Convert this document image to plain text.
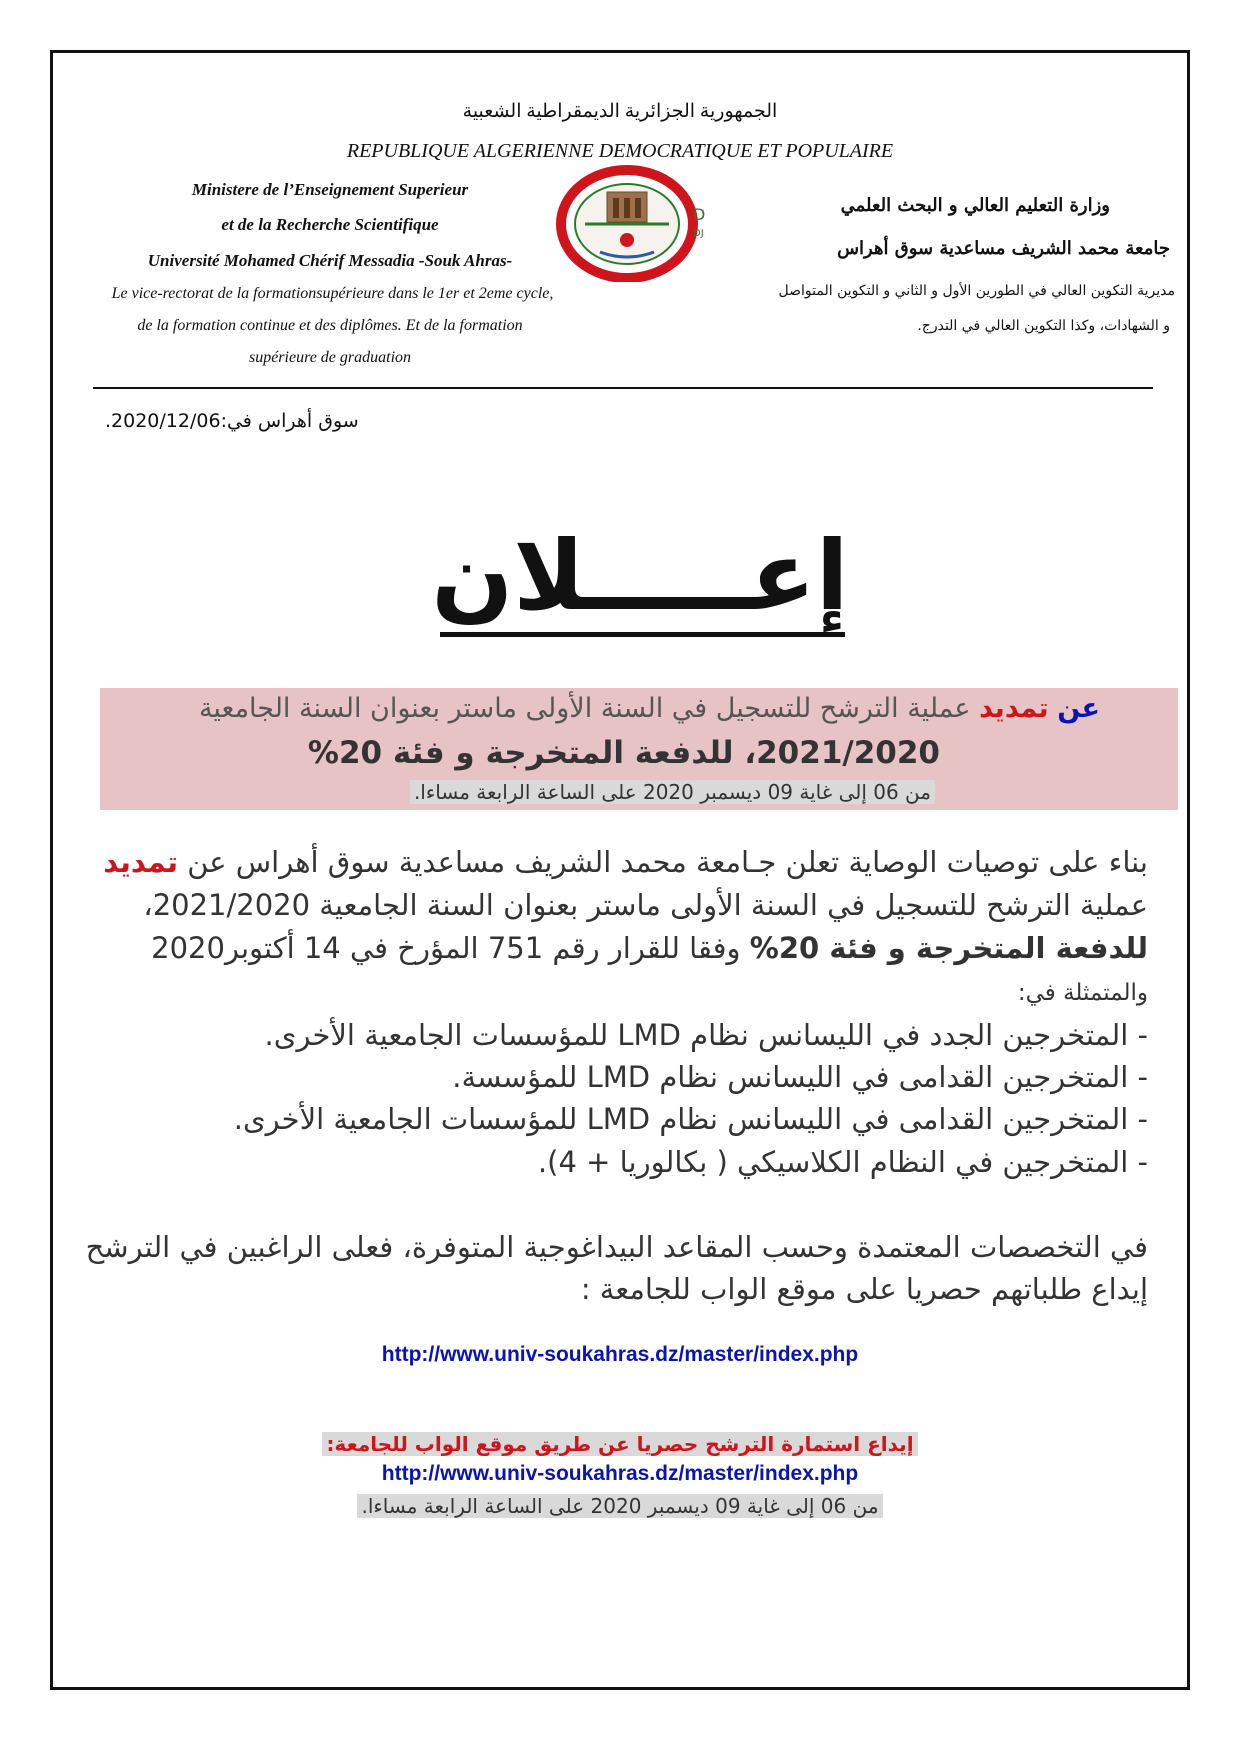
الجمهورية الجزائرية الديمقراطية الشعبية
REPUBLIQUE ALGERIENNE DEMOCRATIQUE ET POPULAIRE
Ministere de l’Enseignement Superieur
et de la Recherche Scientifique
Université Mohamed Chérif Messadia -Souk Ahras-
Le vice-rectorat de la formationsupérieure dans le 1er et 2eme cycle,
de la formation continue et des diplômes. Et de la formation
supérieure de graduation
وزارة التعليم العالي و البحث العلمي
جامعة محمد الشريف مساعدية سوق أهراس
مديرية التكوين العالي في الطورين الأول و الثاني و التكوين المتواصل
و الشهادات، وكذا التكوين العالي في التدرج.
D
DJ
سوق أهراس في:2020/12/06.
إعـــــلان
عن تمديد عملية الترشح للتسجيل في السنة الأولى ماستر بعنوان السنة الجامعية
2021/2020، للدفعة المتخرجة و فئة 20%
من 06 إلى غاية 09 ديسمبر 2020 على الساعة الرابعة مساءا.
بناء على توصيات الوصاية تعلن جـامعة محمد الشريف مساعدية سوق أهراس عن تمديد
عملية الترشح للتسجيل في السنة الأولى ماستر بعنوان السنة الجامعية 2021/2020،
للدفعة المتخرجة و فئة 20% وفقا للقرار رقم 751 المؤرخ في 14 أكتوبر2020
والمتمثلة في:
- المتخرجين الجدد في الليسانس نظام LMD للمؤسسات الجامعية الأخرى.
- المتخرجين القدامى في الليسانس نظام LMD للمؤسسة.
- المتخرجين القدامى في الليسانس نظام LMD للمؤسسات الجامعية الأخرى.
- المتخرجين في النظام الكلاسيكي ( بكالوريا + 4).
في التخصصات المعتمدة وحسب المقاعد البيداغوجية المتوفرة، فعلى الراغبين في الترشح
إيداع طلباتهم حصريا على موقع الواب للجامعة :
http://www.univ-soukahras.dz/master/index.php
إيداع استمارة الترشح حصريا عن طريق موقع الواب للجامعة:
http://www.univ-soukahras.dz/master/index.php
من 06 إلى غاية 09 ديسمبر 2020 على الساعة الرابعة مساءا.
